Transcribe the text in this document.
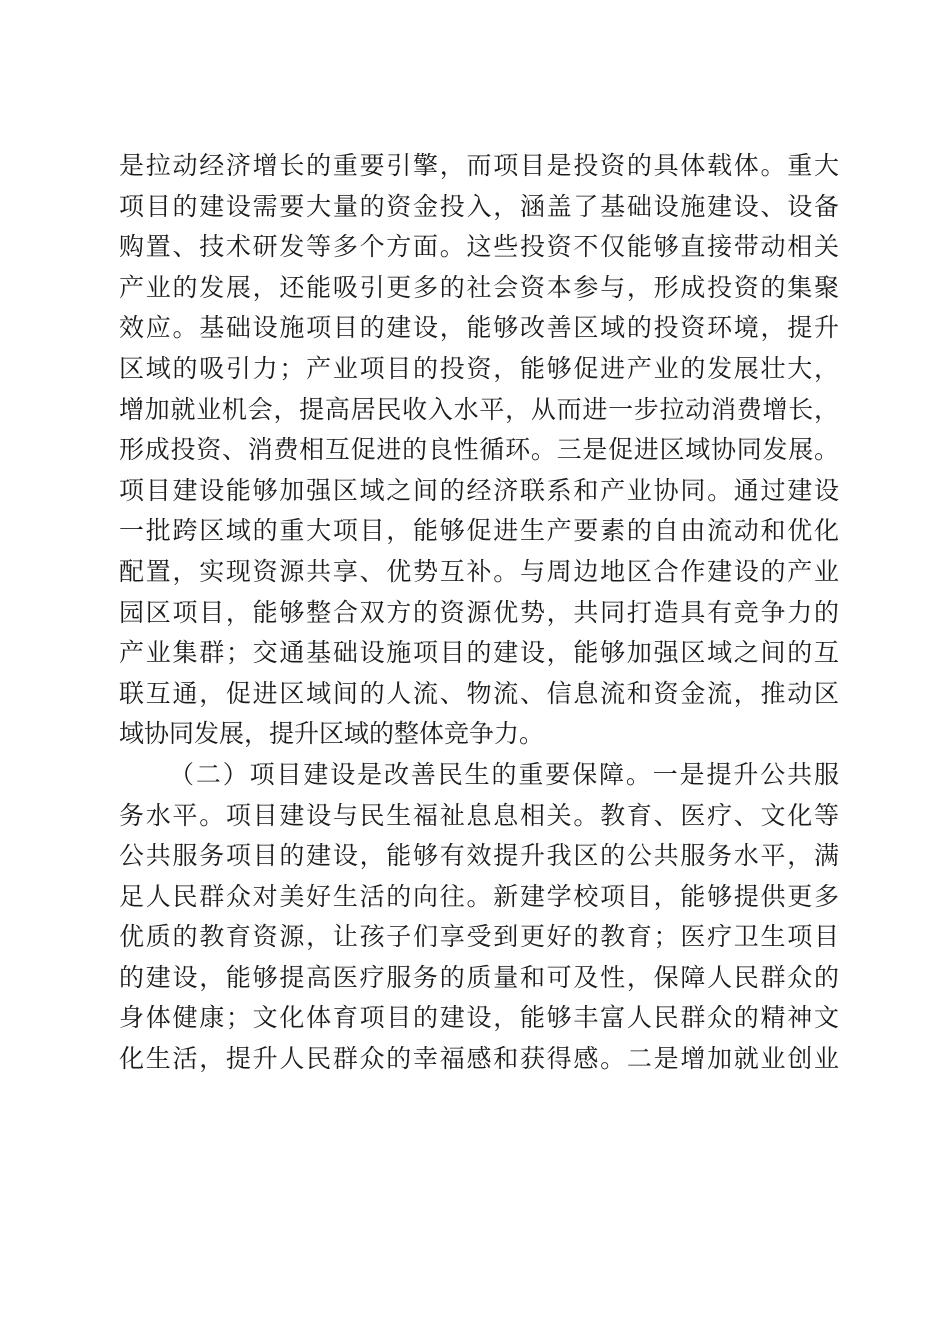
是拉动经济增长的重要引擎，而项目是投资的具体载体。重大
项目的建设需要大量的资金投入，涵盖了基础设施建设、设备
购置、技术研发等多个方面。这些投资不仅能够直接带动相关
产业的发展，还能吸引更多的社会资本参与，形成投资的集聚
效应。基础设施项目的建设，能够改善区域的投资环境，提升
区域的吸引力；产业项目的投资，能够促进产业的发展壮大，
增加就业机会，提高居民收入水平，从而进一步拉动消费增长，
形成投资、消费相互促进的良性循环。三是促进区域协同发展。
项目建设能够加强区域之间的经济联系和产业协同。通过建设
一批跨区域的重大项目，能够促进生产要素的自由流动和优化
配置，实现资源共享、优势互补。与周边地区合作建设的产业
园区项目，能够整合双方的资源优势，共同打造具有竞争力的
产业集群；交通基础设施项目的建设，能够加强区域之间的互
联互通，促进区域间的人流、物流、信息流和资金流，推动区
域协同发展，提升区域的整体竞争力。
（二）项目建设是改善民生的重要保障。一是提升公共服
务水平。项目建设与民生福祉息息相关。教育、医疗、文化等
公共服务项目的建设，能够有效提升我区的公共服务水平，满
足人民群众对美好生活的向往。新建学校项目，能够提供更多
优质的教育资源，让孩子们享受到更好的教育；医疗卫生项目
的建设，能够提高医疗服务的质量和可及性，保障人民群众的
身体健康；文化体育项目的建设，能够丰富人民群众的精神文
化生活，提升人民群众的幸福感和获得感。二是增加就业创业
